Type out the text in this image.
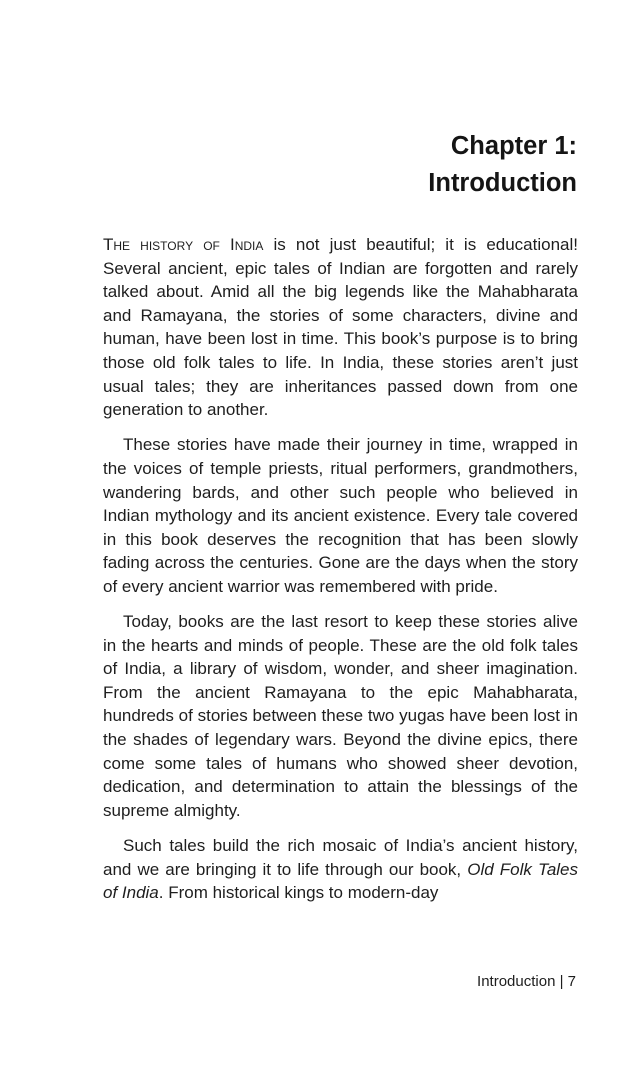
Chapter 1:
Introduction

The history of India is not just beautiful; it is educational! Several ancient, epic tales of Indian are forgotten and rarely talked about. Amid all the big legends like the Mahabharata and Ramayana, the stories of some characters, divine and human, have been lost in time. This book’s purpose is to bring those old folk tales to life. In India, these stories aren’t just usual tales; they are inheritances passed down from one generation to another.

These stories have made their journey in time, wrapped in the voices of temple priests, ritual performers, grandmothers, wandering bards, and other such people who believed in Indian mythology and its ancient existence. Every tale covered in this book deserves the recognition that has been slowly fading across the centuries. Gone are the days when the story of every ancient warrior was remembered with pride.

Today, books are the last resort to keep these stories alive in the hearts and minds of people. These are the old folk tales of India, a library of wisdom, wonder, and sheer imagination. From the ancient Ramayana to the epic Mahabharata, hundreds of stories between these two yugas have been lost in the shades of legendary wars. Beyond the divine epics, there come some tales of humans who showed sheer devotion, dedication, and determination to attain the blessings of the supreme almighty.

Such tales build the rich mosaic of India’s ancient history, and we are bringing it to life through our book, Old Folk Tales of India. From historical kings to modern-day

Introduction | 7
